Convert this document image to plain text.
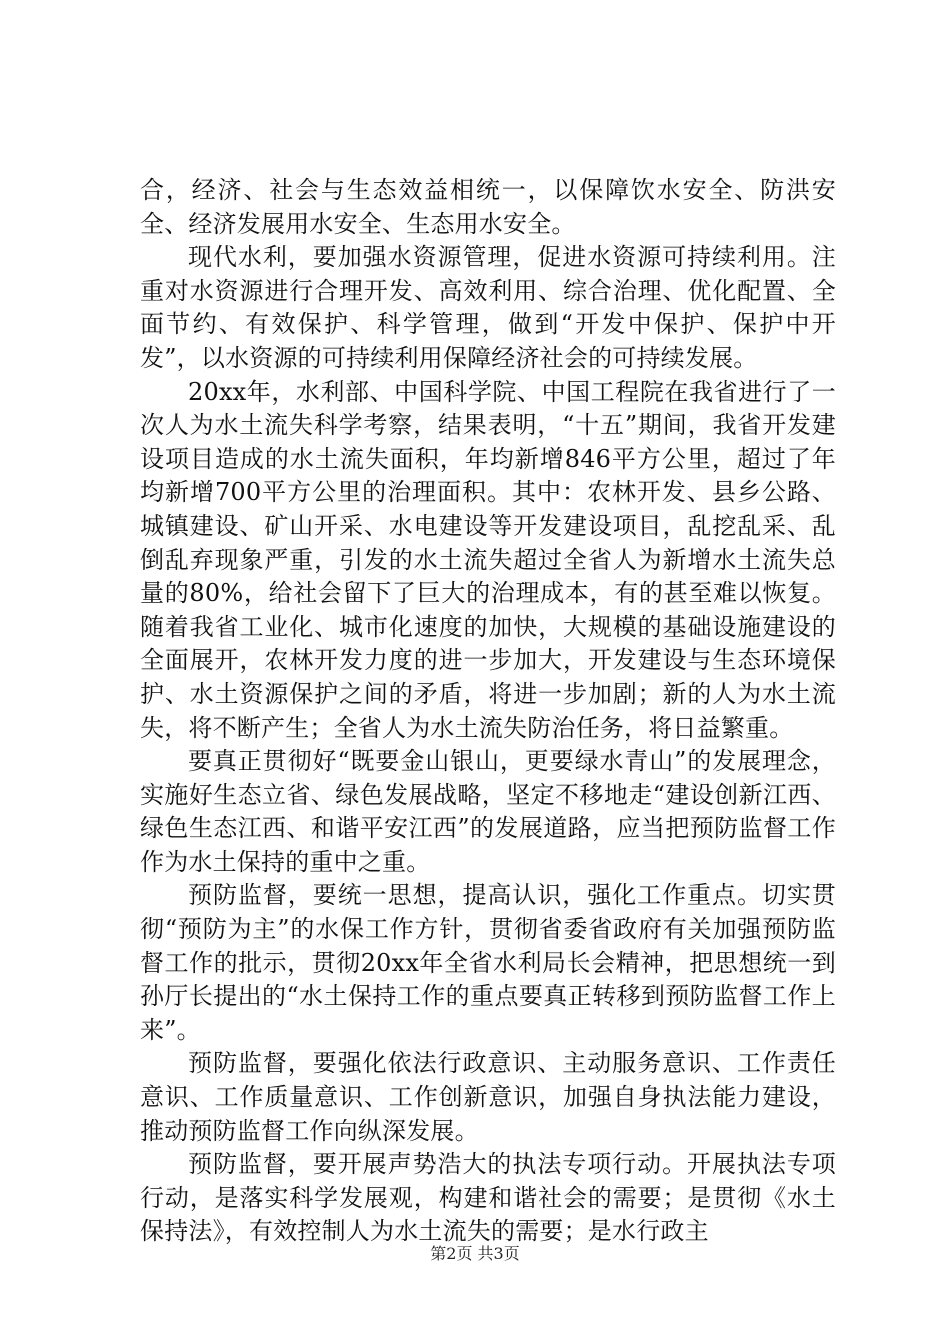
合，经济、社会与生态效益相统一，以保障饮水安全、防洪安全、经济发展用水安全、生态用水安全。

现代水利，要加强水资源管理，促进水资源可持续利用。注重对水资源进行合理开发、高效利用、综合治理、优化配置、全面节约、有效保护、科学管理，做到“开发中保护、保护中开发”，以水资源的可持续利用保障经济社会的可持续发展。

20xx年，水利部、中国科学院、中国工程院在我省进行了一次人为水土流失科学考察，结果表明，“十五”期间，我省开发建设项目造成的水土流失面积，年均新增846平方公里，超过了年均新增700平方公里的治理面积。其中：农林开发、县乡公路、城镇建设、矿山开采、水电建设等开发建设项目，乱挖乱采、乱倒乱弃现象严重，引发的水土流失超过全省人为新增水土流失总量的80%，给社会留下了巨大的治理成本，有的甚至难以恢复。随着我省工业化、城市化速度的加快，大规模的基础设施建设的全面展开，农林开发力度的进一步加大，开发建设与生态环境保护、水土资源保护之间的矛盾，将进一步加剧；新的人为水土流失，将不断产生；全省人为水土流失防治任务，将日益繁重。

要真正贯彻好“既要金山银山，更要绿水青山”的发展理念，实施好生态立省、绿色发展战略，坚定不移地走“建设创新江西、绿色生态江西、和谐平安江西”的发展道路，应当把预防监督工作作为水土保持的重中之重。

预防监督，要统一思想，提高认识，强化工作重点。切实贯彻“预防为主”的水保工作方针，贯彻省委省政府有关加强预防监督工作的批示，贯彻20xx年全省水利局长会精神，把思想统一到孙厅长提出的“水土保持工作的重点要真正转移到预防监督工作上来”。

预防监督，要强化依法行政意识、主动服务意识、工作责任意识、工作质量意识、工作创新意识，加强自身执法能力建设，推动预防监督工作向纵深发展。

预防监督，要开展声势浩大的执法专项行动。开展执法专项行动，是落实科学发展观，构建和谐社会的需要；是贯彻《水土保持法》，有效控制人为水土流失的需要；是水行政主

第2页 共3页
